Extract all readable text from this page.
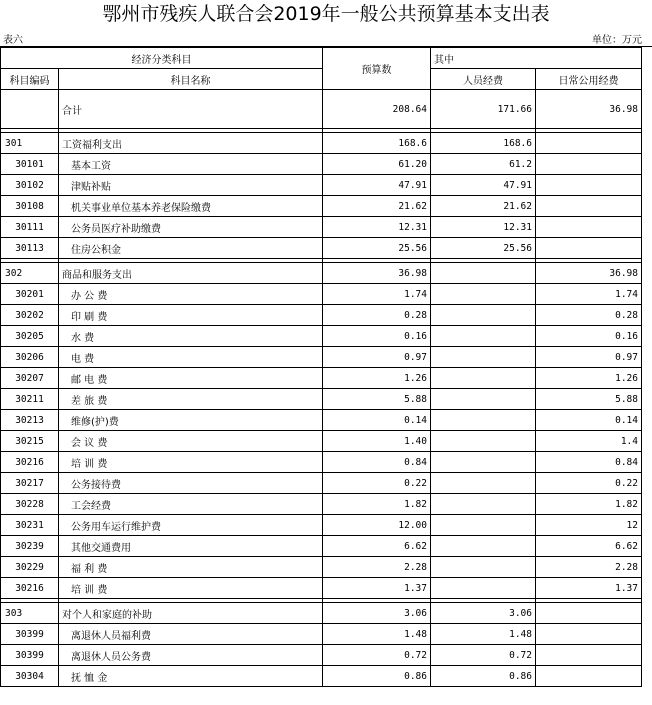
鄂州市残疾人联合会2019年一般公共预算基本支出表
表六	单位：万元
经济分类科目		预算数	其中	
科目编码	科目名称		人员经费	日常公用经费
	合计	208.64	171.66	36.98

301	工资福利支出	168.6	168.6	
30101	基本工资	61.20	61.2	
30102	津贴补贴	47.91	47.91	
30108	机关事业单位基本养老保险缴费	21.62	21.62	
30111	公务员医疗补助缴费	12.31	12.31	
30113	住房公积金	25.56	25.56	

302	商品和服务支出	36.98		36.98
30201	办 公 费	1.74		1.74
30202	印 刷 费	0.28		0.28
30205	水 费	0.16		0.16
30206	电 费	0.97		0.97
30207	邮 电 费	1.26		1.26
30211	差 旅 费	5.88		5.88
30213	维修(护)费	0.14		0.14
30215	会 议 费	1.40		1.4
30216	培 训 费	0.84		0.84
30217	公务接待费	0.22		0.22
30228	工会经费	1.82		1.82
30231	公务用车运行维护费	12.00		12
30239	其他交通费用	6.62		6.62
30229	福 利 费	2.28		2.28
30216	培 训 费	1.37		1.37

303	对个人和家庭的补助	3.06	3.06	
30399	离退休人员福利费	1.48	1.48	
30399	离退休人员公务费	0.72	0.72	
30304	抚 恤 金	0.86	0.86	
